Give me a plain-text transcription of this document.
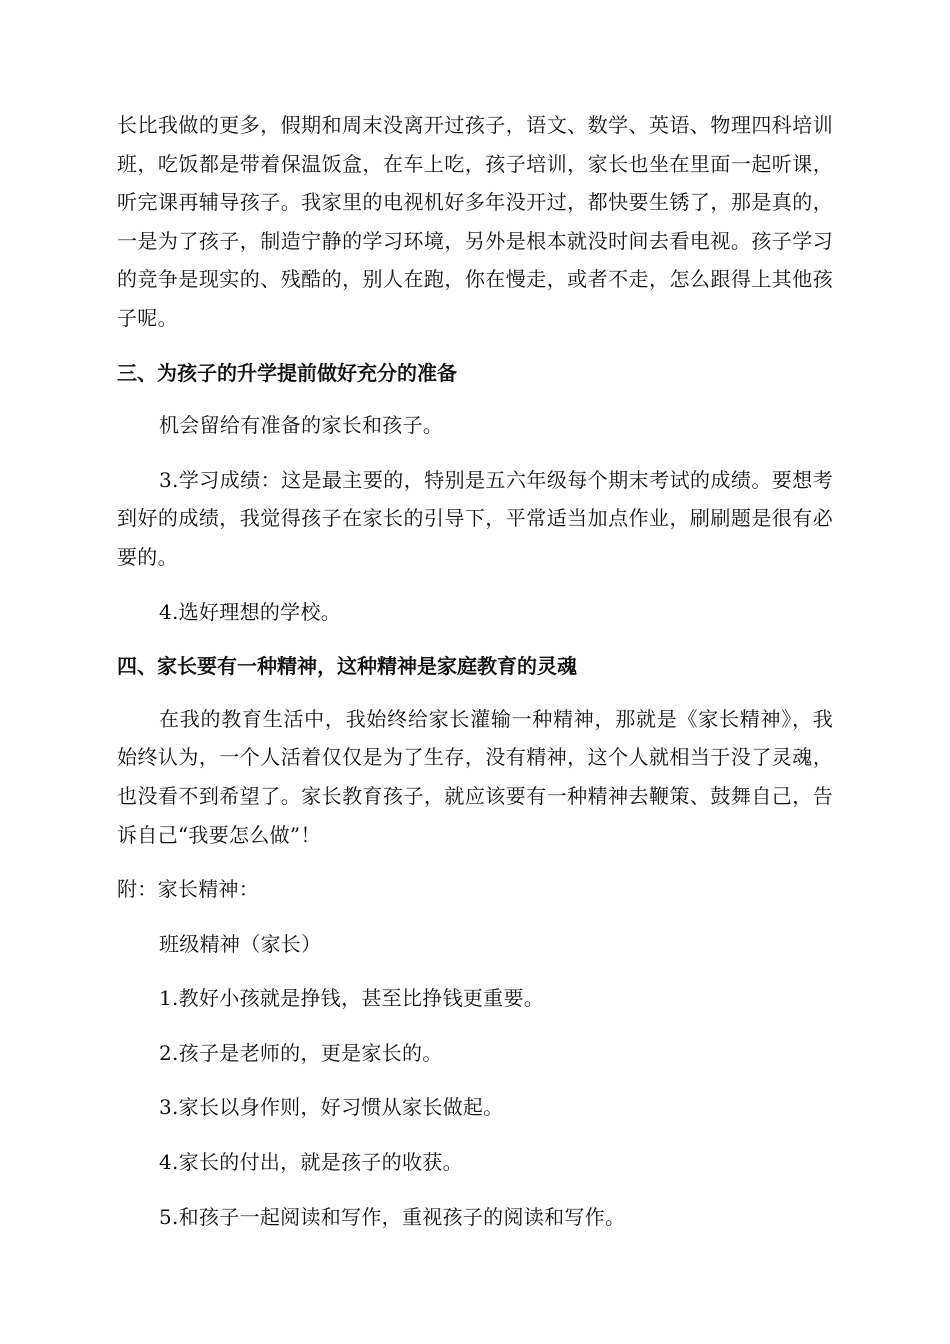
长比我做的更多，假期和周末没离开过孩子，语文、数学、英语、物理四科培训班，吃饭都是带着保温饭盒，在车上吃，孩子培训，家长也坐在里面一起听课，听完课再辅导孩子。我家里的电视机好多年没开过，都快要生锈了，那是真的，一是为了孩子，制造宁静的学习环境，另外是根本就没时间去看电视。孩子学习的竞争是现实的、残酷的，别人在跑，你在慢走，或者不走，怎么跟得上其他孩子呢。

三、为孩子的升学提前做好充分的准备

机会留给有准备的家长和孩子。

3.学习成绩：这是最主要的，特别是五六年级每个期末考试的成绩。要想考到好的成绩，我觉得孩子在家长的引导下，平常适当加点作业，刷刷题是很有必要的。

4.选好理想的学校。

四、家长要有一种精神，这种精神是家庭教育的灵魂

在我的教育生活中，我始终给家长灌输一种精神，那就是《家长精神》，我始终认为，一个人活着仅仅是为了生存，没有精神，这个人就相当于没了灵魂，也没看不到希望了。家长教育孩子，就应该要有一种精神去鞭策、鼓舞自己，告诉自己“我要怎么做”！

附：家长精神：

班级精神（家长）

1.教好小孩就是挣钱，甚至比挣钱更重要。

2.孩子是老师的，更是家长的。

3.家长以身作则，好习惯从家长做起。

4.家长的付出，就是孩子的收获。

5.和孩子一起阅读和写作，重视孩子的阅读和写作。
